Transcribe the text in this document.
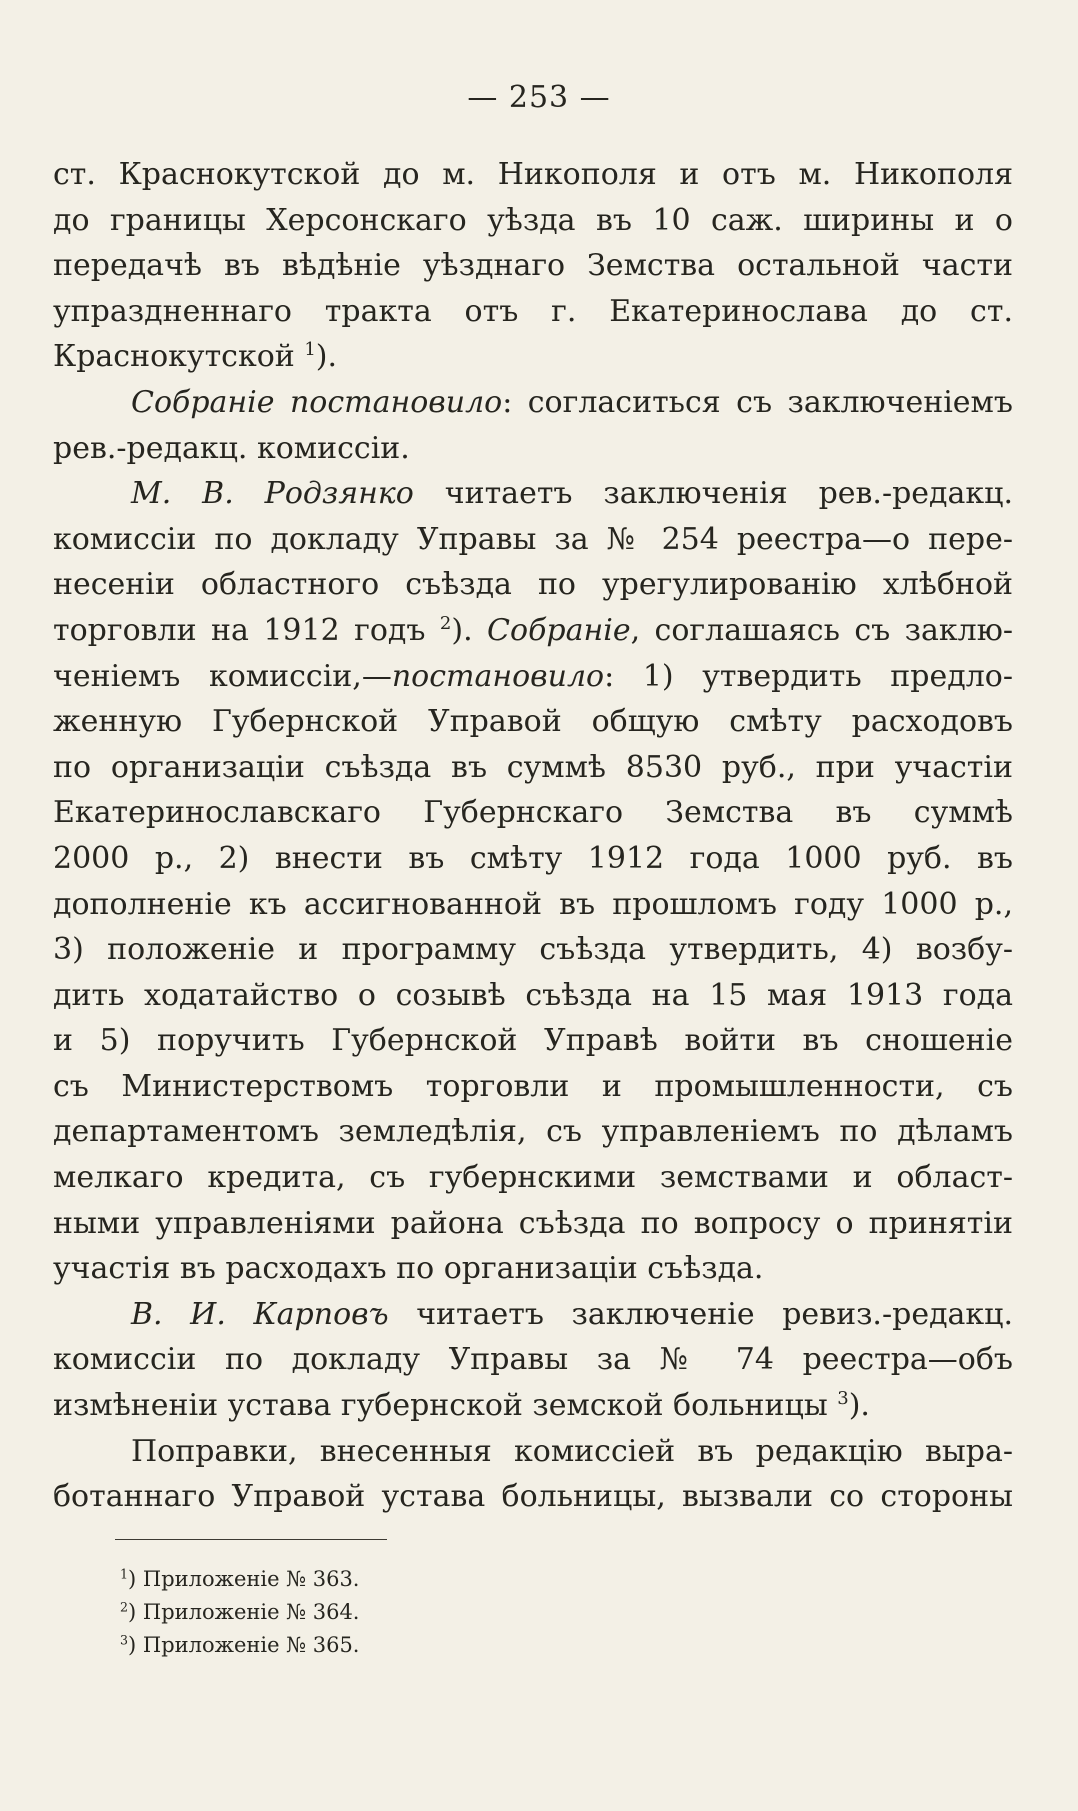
— 253 —
ст. Краснокутской до м. Никополя и отъ м. Никополя
до границы Херсонскаго уѣзда въ 10 саж. ширины и о
передачѣ въ вѣдѣніе уѣзднаго Земства остальной части
упраздненнаго тракта отъ г. Екатеринослава до ст.
Краснокутской $^1$).
Собраніе постановило: согласиться съ заключеніемъ
рев.-редакц. комиссіи.
М. В. Родзянко читаетъ заключенія рев.-редакц.
комиссіи по докладу Управы за № 254 реестра—о пере-
несеніи областного съѣзда по урегулированію хлѣбной
торговли на 1912 годъ $^2$). Собраніе, соглашаясь съ заклю-
ченіемъ комиссіи,—постановило: 1) утвердить предло-
женную Губернской Управой общую смѣту расходовъ
по организаціи съѣзда въ суммѣ 8530 руб., при участіи
Екатеринославскаго Губернскаго Земства въ суммѣ
2000 р., 2) внести въ смѣту 1912 года 1000 руб. въ
дополненіе къ ассигнованной въ прошломъ году 1000 р.,
3) положеніе и программу съѣзда утвердить, 4) возбу-
дить ходатайство о созывѣ съѣзда на 15 мая 1913 года
и 5) поручить Губернской Управѣ войти въ сношеніе
съ Министерствомъ торговли и промышленности, съ
департаментомъ земледѣлія, съ управленіемъ по дѣламъ
мелкаго кредита, съ губернскими земствами и област-
ными управленіями района съѣзда по вопросу о принятіи
участія въ расходахъ по организаціи съѣзда.
В. И. Карповъ читаетъ заключеніе ревиз.-редакц.
комиссіи по докладу Управы за № 74 реестра—объ
измѣненіи устава губернской земской больницы $^3$).
Поправки, внесенныя комиссіей въ редакцію выра-
ботаннаго Управой устава больницы, вызвали со стороны
$^1$) Приложеніе № 363.
$^2$) Приложеніе № 364.
$^3$) Приложеніе № 365.
